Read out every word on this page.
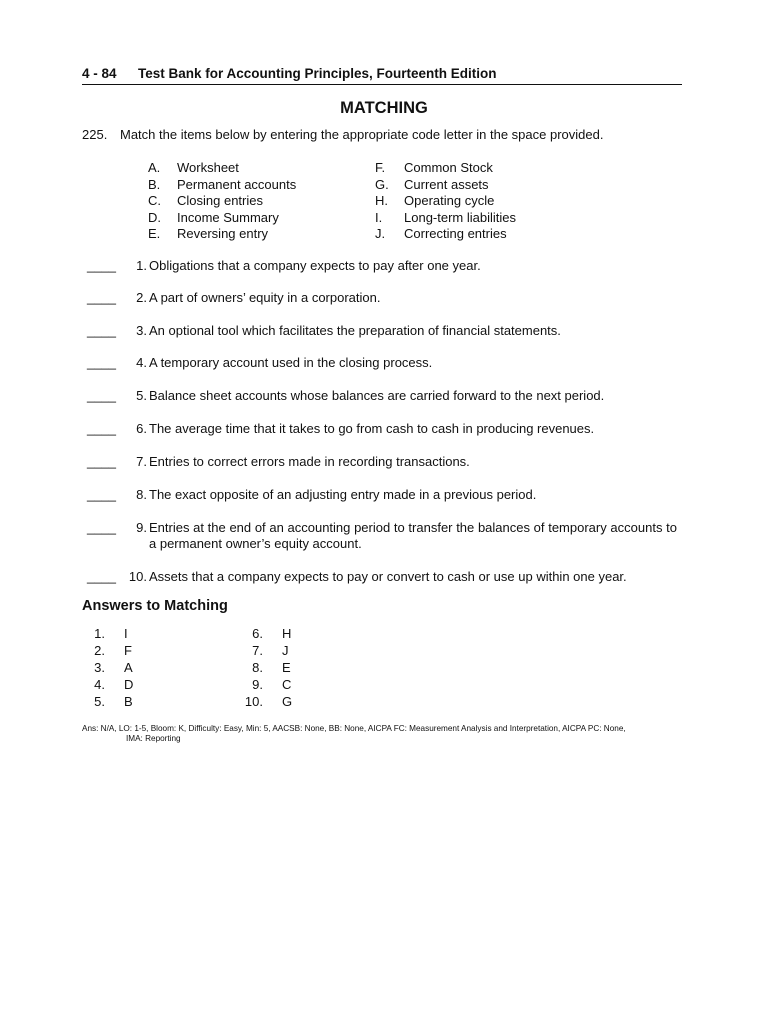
4 - 84 Test Bank for Accounting Principles, Fourteenth Edition
MATCHING
225. Match the items below by entering the appropriate code letter in the space provided.
A. Worksheet
B. Permanent accounts
C. Closing entries
D. Income Summary
E. Reversing entry
F. Common Stock
G. Current assets
H. Operating cycle
I. Long-term liabilities
J. Correcting entries
____	1. Obligations that a company expects to pay after one year.
____	2. A part of owners’ equity in a corporation.
____	3. An optional tool which facilitates the preparation of financial statements.
____	4. A temporary account used in the closing process.
____	5. Balance sheet accounts whose balances are carried forward to the next period.
____	6. The average time that it takes to go from cash to cash in producing revenues.
____	7. Entries to correct errors made in recording transactions.
____	8. The exact opposite of an adjusting entry made in a previous period.
____	9. Entries at the end of an accounting period to transfer the balances of temporary accounts to a permanent owner’s equity account.
____	10. Assets that a company expects to pay or convert to cash or use up within one year.
Answers to Matching
1. I
2. F
3. A
4. D
5. B
6. H
7. J
8. E
9. C
10. G
Ans: N/A, LO: 1-5, Bloom: K, Difficulty: Easy, Min: 5, AACSB: None, BB: None, AICPA FC: Measurement Analysis and Interpretation, AICPA PC: None,
IMA: Reporting
